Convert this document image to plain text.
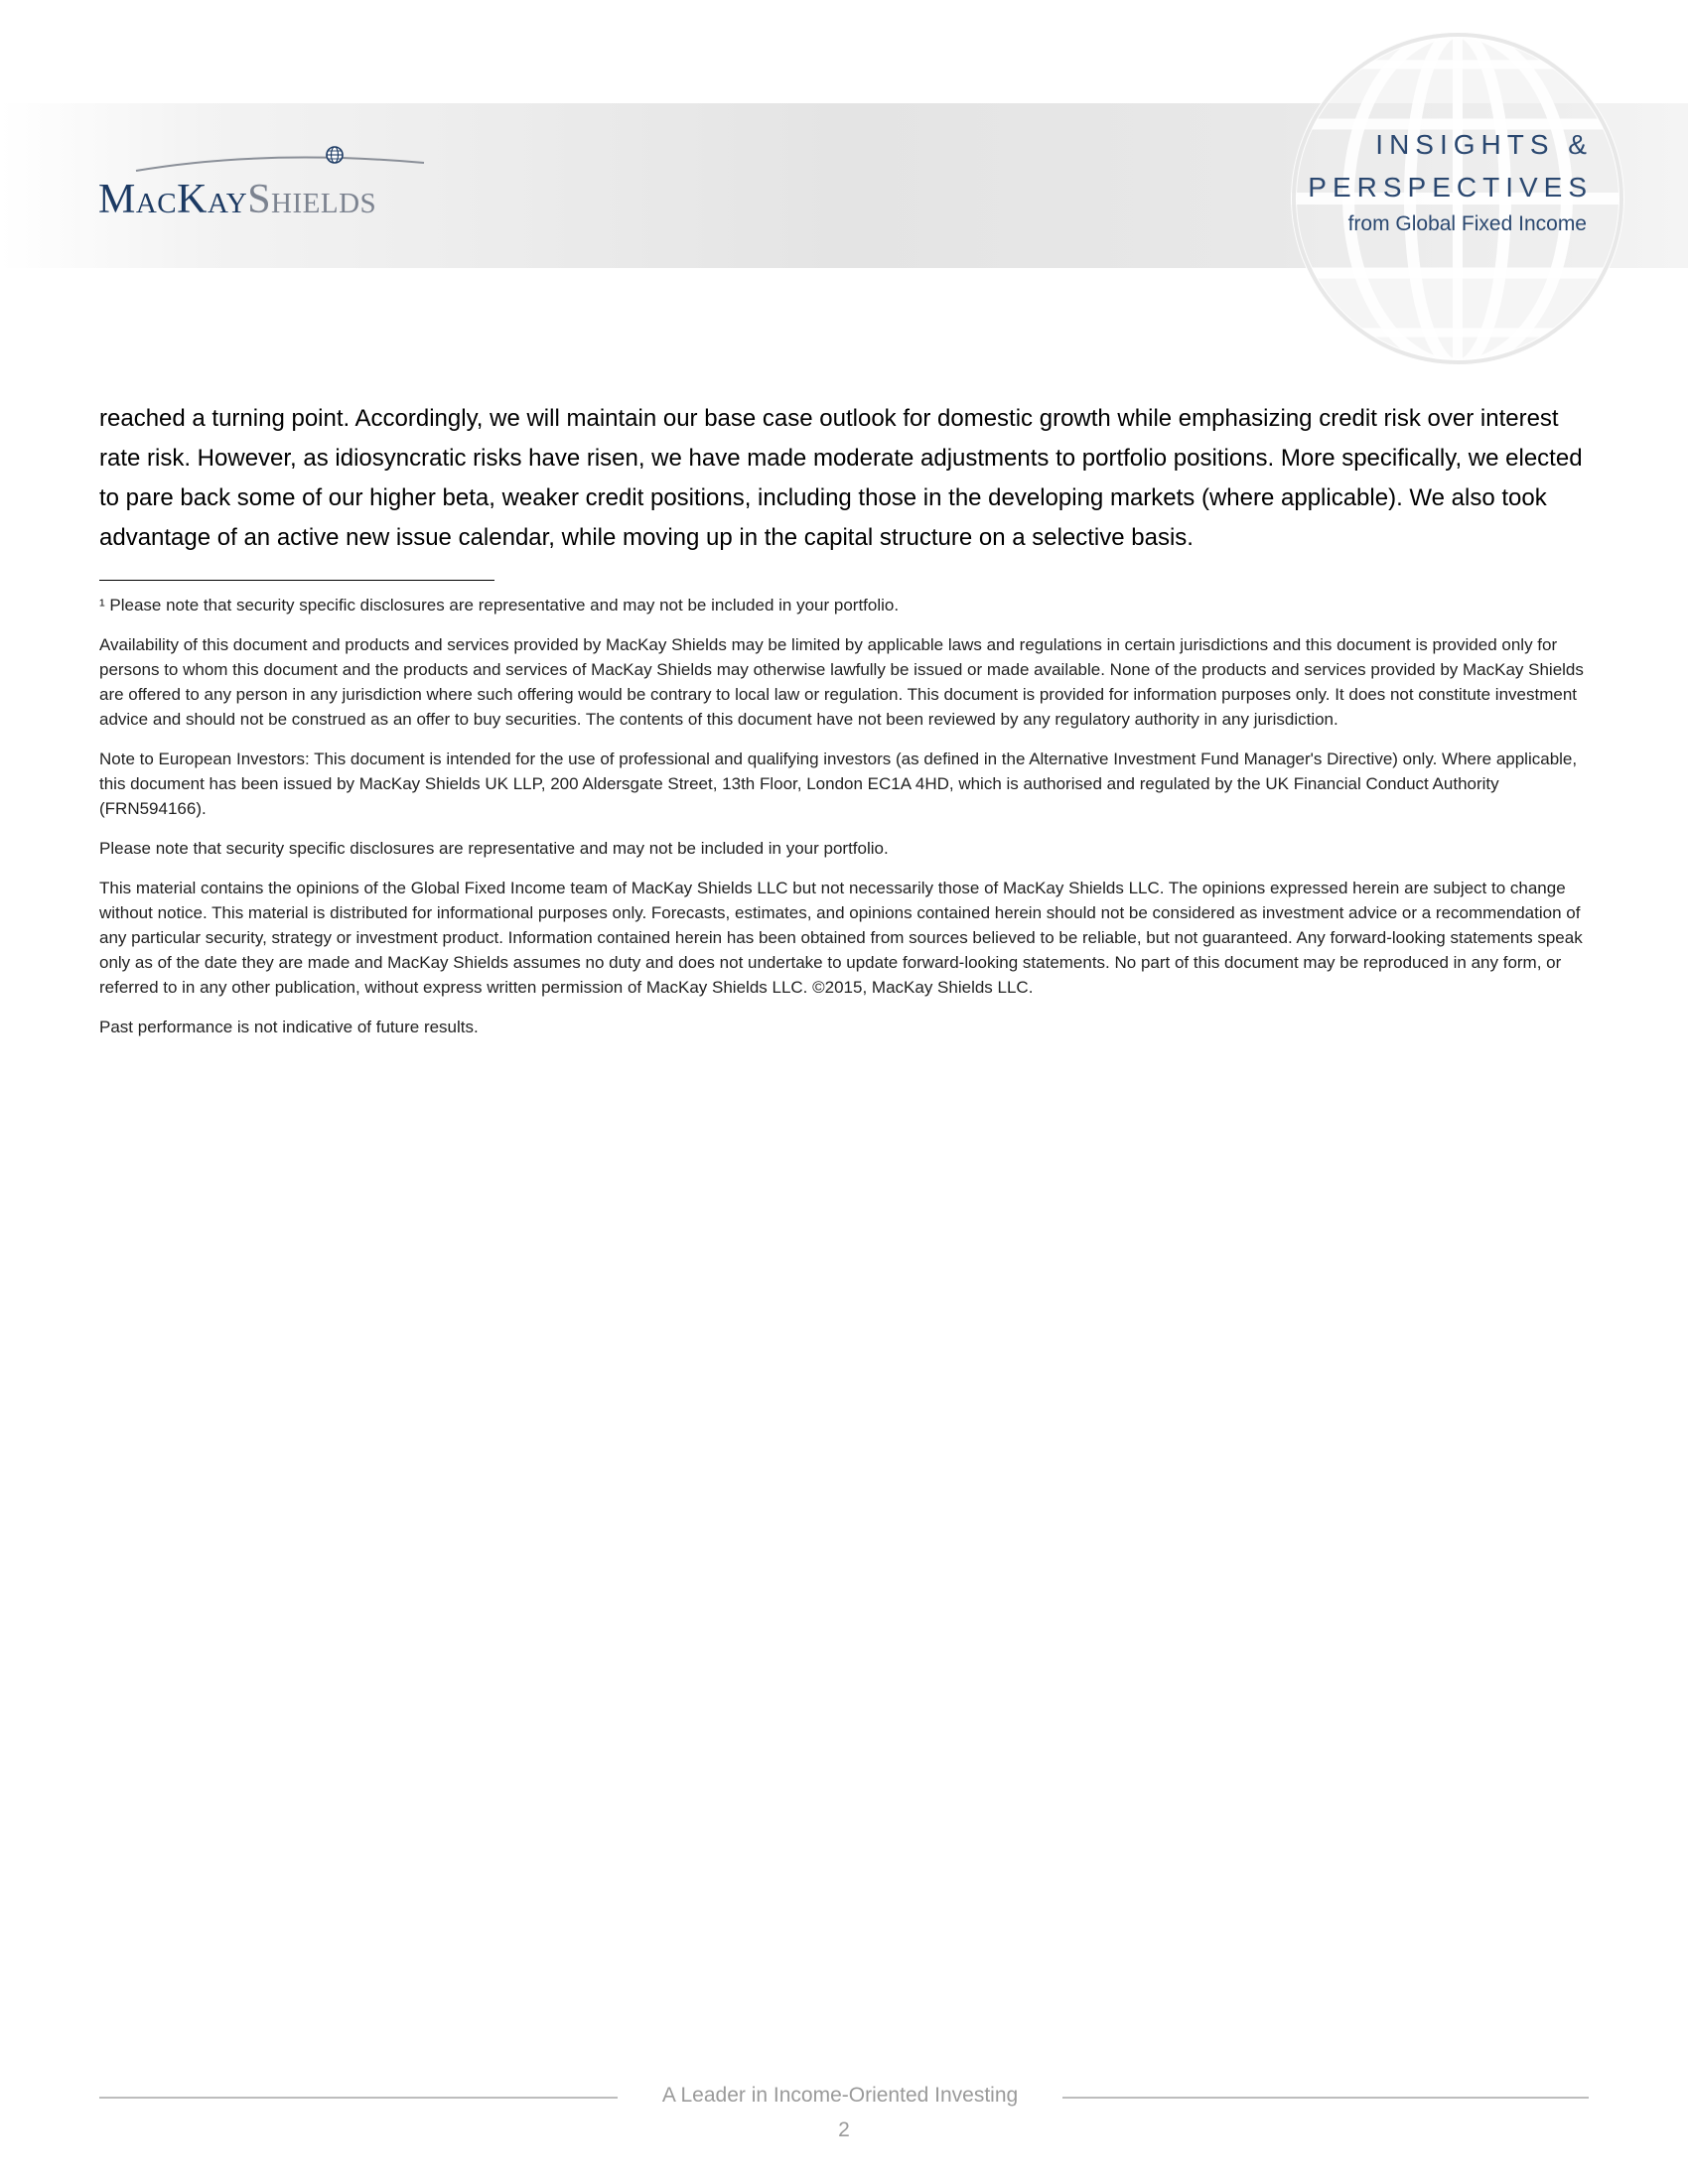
MacKayShields
INSIGHTS &
PERSPECTIVES
from Global Fixed Income

reached a turning point. Accordingly, we will maintain our base case outlook for domestic growth while emphasizing credit risk over interest rate risk. However, as idiosyncratic risks have risen, we have made moderate adjustments to portfolio positions. More specifically, we elected to pare back some of our higher beta, weaker credit positions, including those in the developing markets (where applicable). We also took advantage of an active new issue calendar, while moving up in the capital structure on a selective basis.

¹ Please note that security specific disclosures are representative and may not be included in your portfolio.

Availability of this document and products and services provided by MacKay Shields may be limited by applicable laws and regulations in certain jurisdictions and this document is provided only for persons to whom this document and the products and services of MacKay Shields may otherwise lawfully be issued or made available. None of the products and services provided by MacKay Shields are offered to any person in any jurisdiction where such offering would be contrary to local law or regulation. This document is provided for information purposes only. It does not constitute investment advice and should not be construed as an offer to buy securities. The contents of this document have not been reviewed by any regulatory authority in any jurisdiction.

Note to European Investors: This document is intended for the use of professional and qualifying investors (as defined in the Alternative Investment Fund Manager's Directive) only. Where applicable, this document has been issued by MacKay Shields UK LLP, 200 Aldersgate Street, 13th Floor, London EC1A 4HD, which is authorised and regulated by the UK Financial Conduct Authority (FRN594166).

Please note that security specific disclosures are representative and may not be included in your portfolio.

This material contains the opinions of the Global Fixed Income team of MacKay Shields LLC but not necessarily those of MacKay Shields LLC. The opinions expressed herein are subject to change without notice. This material is distributed for informational purposes only. Forecasts, estimates, and opinions contained herein should not be considered as investment advice or a recommendation of any particular security, strategy or investment product. Information contained herein has been obtained from sources believed to be reliable, but not guaranteed. Any forward-looking statements speak only as of the date they are made and MacKay Shields assumes no duty and does not undertake to update forward-looking statements. No part of this document may be reproduced in any form, or referred to in any other publication, without express written permission of MacKay Shields LLC. ©2015, MacKay Shields LLC.

Past performance is not indicative of future results.

A Leader in Income-Oriented Investing
2
